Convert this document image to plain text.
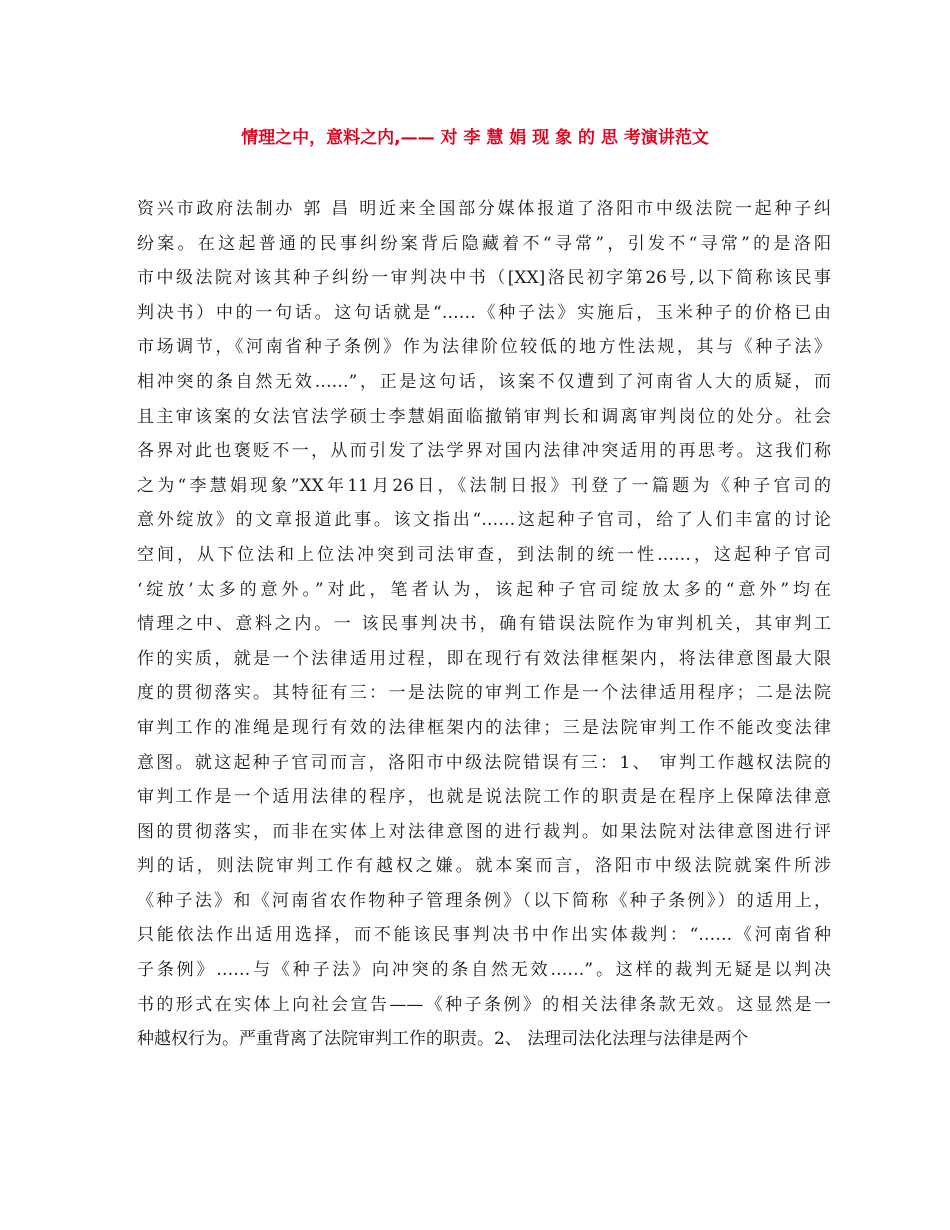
情理之中，意料之内,—— 对 李 慧 娟 现 象 的 思 考演讲范文
资兴市政府法制办 郭 昌 明近来全国部分媒体报道了洛阳市中级法院一起种子纠
纷案。在这起普通的民事纠纷案背后隐藏着不“寻常”，引发不“寻常”的是洛阳
市中级法院对该其种子纠纷一审判决中书（[XX]洛民初字第26号,以下简称该民事
判决书）中的一句话。这句话就是“……《种子法》实施后，玉米种子的价格已由
市场调节，《河南省种子条例》作为法律阶位较低的地方性法规，其与《种子法》
相冲突的条自然无效……”，正是这句话，该案不仅遭到了河南省人大的质疑，而
且主审该案的女法官法学硕士李慧娟面临撤销审判长和调离审判岗位的处分。社会
各界对此也褒贬不一，从而引发了法学界对国内法律冲突适用的再思考。这我们称
之为“李慧娟现象”XX年11月26日，《法制日报》刊登了一篇题为《种子官司的
意外绽放》的文章报道此事。该文指出“……这起种子官司，给了人们丰富的讨论
空间，从下位法和上位法冲突到司法审查，到法制的统一性……，这起种子官司
‘绽放’太多的意外。”对此，笔者认为，该起种子官司绽放太多的“意外”均在
情理之中、意料之内。一 该民事判决书，确有错误法院作为审判机关，其审判工
作的实质，就是一个法律适用过程，即在现行有效法律框架内，将法律意图最大限
度的贯彻落实。其特征有三：一是法院的审判工作是一个法律适用程序；二是法院
审判工作的准绳是现行有效的法律框架内的法律；三是法院审判工作不能改变法律
意图。就这起种子官司而言，洛阳市中级法院错误有三：1、 审判工作越权法院的
审判工作是一个适用法律的程序，也就是说法院工作的职责是在程序上保障法律意
图的贯彻落实，而非在实体上对法律意图的进行裁判。如果法院对法律意图进行评
判的话，则法院审判工作有越权之嫌。就本案而言，洛阳市中级法院就案件所涉
《种子法》和《河南省农作物种子管理条例》（以下简称《种子条例》）的适用上，
只能依法作出适用选择，而不能该民事判决书中作出实体裁判：“……《河南省种
子条例》……与《种子法》向冲突的条自然无效……”。这样的裁判无疑是以判决
书的形式在实体上向社会宣告——《种子条例》的相关法律条款无效。这显然是一
种越权行为。严重背离了法院审判工作的职责。2、 法理司法化法理与法律是两个
